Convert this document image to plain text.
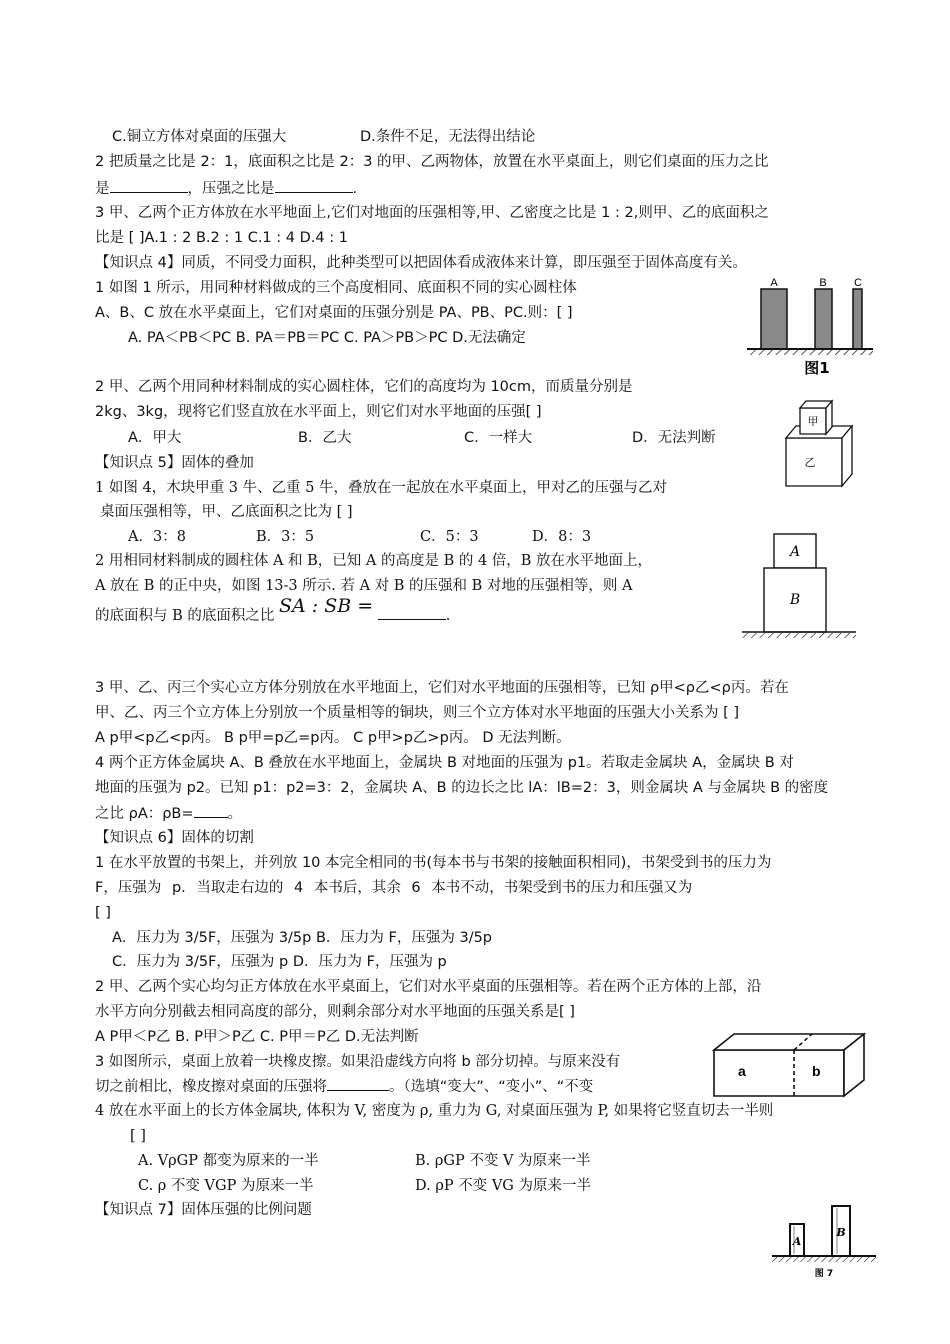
C.铜立方体对桌面的压强大	D.条件不足，无法得出结论
2 把质量之比是 2：1，底面积之比是 2：3 的甲、乙两物体，放置在水平桌面上，则它们桌面的压力之比
是	，压强之比是	.
3 甲、乙两个正方体放在水平地面上,它们对地面的压强相等,甲、乙密度之比是 1 : 2,则甲、乙的底面积之
比是 [ ]A.1 : 2 B.2 : 1 C.1 : 4 D.4 : 1
【知识点 4】同质，不同受力面积，此种类型可以把固体看成液体来计算，即压强至于固体高度有关。
1 如图 1 所示，用同种材料做成的三个高度相同、底面积不同的实心圆柱体
A、B、C 放在水平桌面上，它们对桌面的压强分别是 PA、PB、PC.则：[ ]
A. PA＜PB＜PC B. PA＝PB＝PC C. PA＞PB＞PC D.无法确定
2 甲、乙两个用同种材料制成的实心圆柱体，它们的高度均为 10cm，而质量分别是
2kg、3kg，现将它们竖直放在水平面上，则它们对水平地面的压强[ ]
A．甲大	B．乙大	C．一样大	D．无法判断
【知识点 5】固体的叠加
1 如图 4，木块甲重 3 牛、乙重 5 牛，叠放在一起放在水平桌面上，甲对乙的压强与乙对
桌面压强相等，甲、乙底面积之比为 [ ]
A．3：8	B．3：5	C．5：3	D．8：3
2 用相同材料制成的圆柱体 A 和 B，已知 A 的高度是 B 的 4 倍，B 放在水平地面上，
A 放在 B 的正中央，如图 13-3 所示. 若 A 对 B 的压强和 B 对地的压强相等，则 A
的底面积与 B 的底面积之比 SA : SB =	.
3 甲、乙、丙三个实心立方体分别放在水平地面上，它们对水平地面的压强相等，已知 ρ甲<ρ乙<ρ丙。若在
甲、乙、丙三个立方体上分别放一个质量相等的铜块，则三个立方体对水平地面的压强大小关系为 [ ]
A p甲<p乙<p丙。 B p甲=p乙=p丙。 C p甲>p乙>p丙。 D 无法判断。
4 两个正方体金属块 A、B 叠放在水平地面上，金属块 B 对地面的压强为 p1。若取走金属块 A，金属块 B 对
地面的压强为 p2。已知 p1：p2=3：2，金属块 A、B 的边长之比 lA：lB=2：3，则金属块 A 与金属块 B 的密度
之比 ρA：ρB= 。
【知识点 6】固体的切割
1 在水平放置的书架上，并列放 10 本完全相同的书(每本书与书架的接触面积相同)，书架受到书的压力为
F，压强为 p. 当取走右边的 4 本书后，其余 6 本书不动，书架受到书的压力和压强又为
[ ]
A．压力为 3/5F，压强为 3/5p B．压力为 F，压强为 3/5p
C．压力为 3/5F，压强为 p D．压力为 F，压强为 p
2 甲、乙两个实心均匀正方体放在水平桌面上，它们对水平桌面的压强相等。若在两个正方体的上部，沿
水平方向分别截去相同高度的部分，则剩余部分对水平地面的压强关系是[ ]
A P甲＜P乙 B. P甲＞P乙 C. P甲＝P乙 D.无法判断
3 如图所示，桌面上放着一块橡皮擦。如果沿虚线方向将 b 部分切掉。与原来没有
切之前相比，橡皮擦对桌面的压强将	。（选填“变大”、“变小”、“不变
4 放在水平面上的长方体金属块, 体积为 V, 密度为 ρ, 重力为 G, 对桌面压强为 P, 如果将它竖直切去一半则
[ ]
A. VρGP 都变为原来的一半	B. ρGP 不变 V 为原来一半
C. ρ 不变 VGP 为原来一半	D. ρP 不变 VG 为原来一半
【知识点 7】固体压强的比例问题
A	B C
图1
甲
乙
A
B
a	b
A
B
图 7
